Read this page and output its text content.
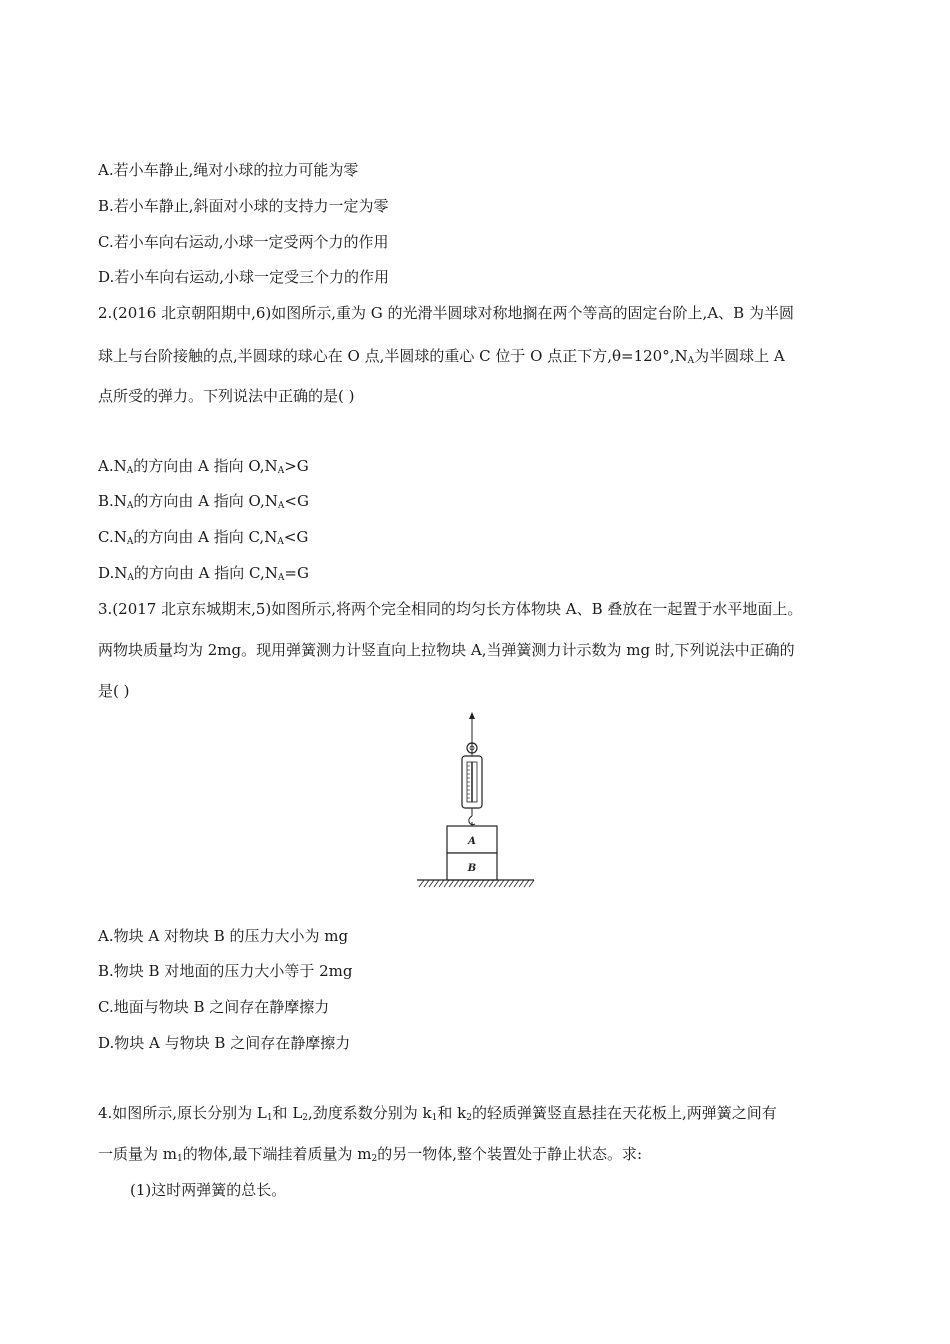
A.若小车静止,绳对小球的拉力可能为零
B.若小车静止,斜面对小球的支持力一定为零
C.若小车向右运动,小球一定受两个力的作用
D.若小车向右运动,小球一定受三个力的作用
2.(2016 北京朝阳期中,6)如图所示,重为 G 的光滑半圆球对称地搁在两个等高的固定台阶上,A、B 为半圆
球上与台阶接触的点,半圆球的球心在 O 点,半圆球的重心 C 位于 O 点正下方$,\theta=120^\circ,N_A$为半圆球上 A
点所受的弹力。下列说法中正确的是( )
$A.N_A$的方向由 A 指向 $O,N_A>G$
$B.N_A$的方向由 A 指向 $O,N_A<G$
$C.N_A$的方向由 A 指向 $C,N_A<G$
$D.N_A$的方向由 A 指向 $C,N_A=G$
3.(2017 北京东城期末,5)如图所示,将两个完全相同的均匀长方体物块 A、B 叠放在一起置于水平地面上。
两物块质量均为 2mg。现用弹簧测力计竖直向上拉物块 A,当弹簧测力计示数为 mg 时,下列说法中正确的
是( )
A
B
A.物块 A 对物块 B 的压力大小为 mg
B.物块 B 对地面的压力大小等于 2mg
C.地面与物块 B 之间存在静摩擦力
D.物块 A 与物块 B 之间存在静摩擦力
4.如图所示,原长分别为 $L_1$和 $L_2$,劲度系数分别为 $k_1$和 $k_2$的轻质弹簧竖直悬挂在天花板上,两弹簧之间有
一质量为 $m_1$的物体,最下端挂着质量为 $m_2$的另一物体,整个装置处于静止状态。求:
(1)这时两弹簧的总长。
